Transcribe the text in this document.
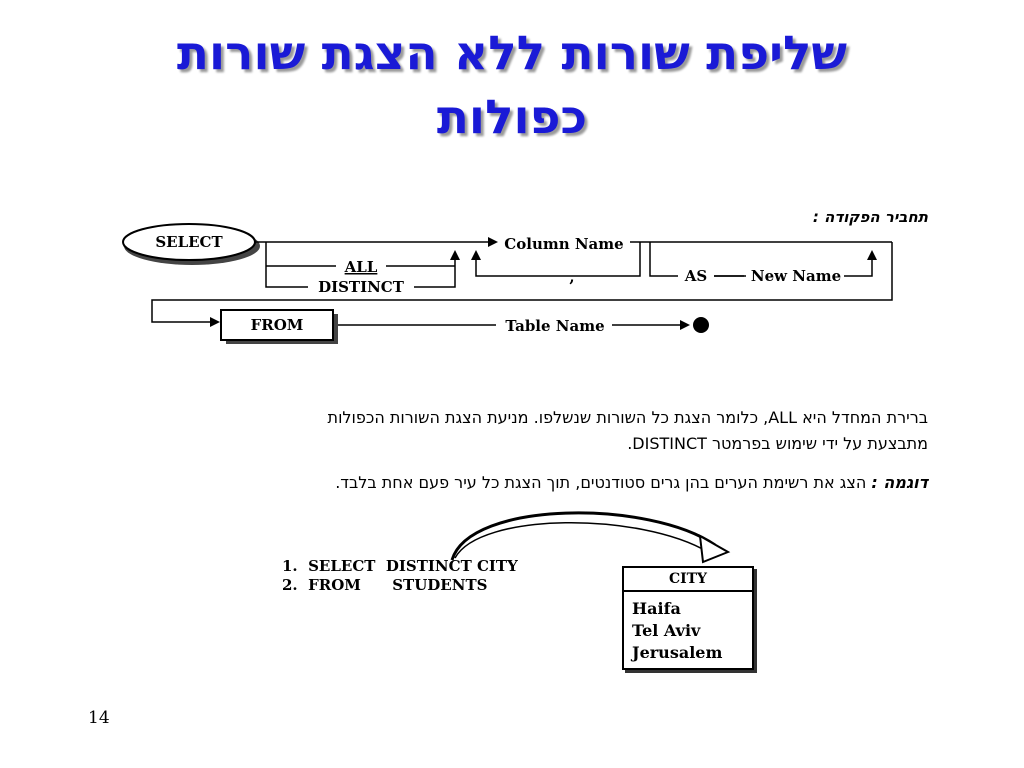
שליפת שורות ללא הצגת שורות
כפולות
SELECT
FROM
Column Name
ALL
DISTINCT
,	AS	New Name
Table Name
תחביר הפקודה :
ברירת המחדל היא ALL, כלומר הצגת כל השורות שנשלפו. מניעת הצגת השורות הכפולות
מתבצעת על ידי שימוש בפרמטר DISTINCT.
דוגמה : הצג את רשימת הערים בהן גרים סטודנטים, תוך הצגת כל עיר פעם אחת בלבד.
1.  SELECT  DISTINCT CITY
2.  FROM      STUDENTS	CITY
Haifa
Tel Aviv
Jerusalem
14
